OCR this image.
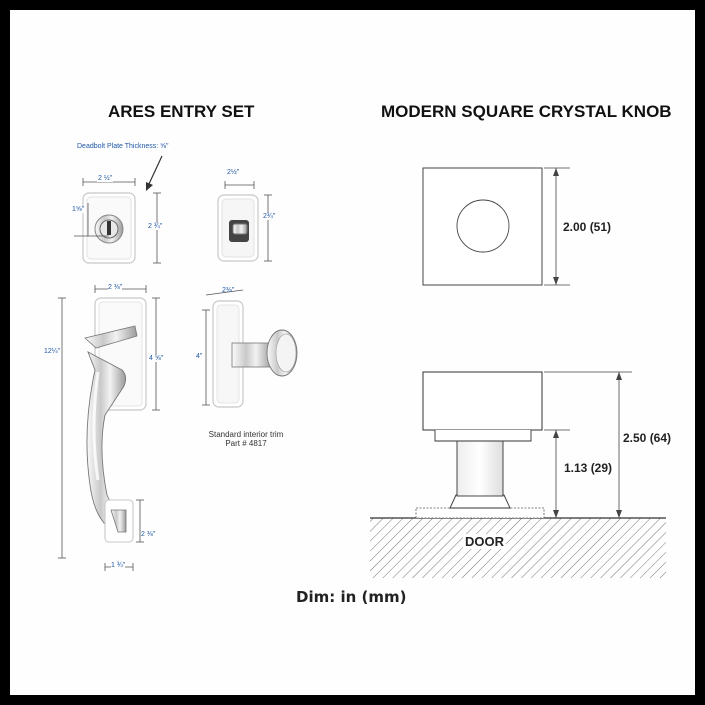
ARES ENTRY SET	MODERN SQUARE CRYSTAL KNOB
Deadbolt Plate Thickness: ⅝"
2 ½"
2 ¾"
1⅝"
2½"
2¾"
2 ⅜"
12¼"
4 ⅝"
2 ⅜"
1 ¾"
2⅜"
4"
Standard interior trim
Part # 4817
2.00 (51)
2.50 (64)
1.13 (29)
DOOR
Dim: in (mm)
